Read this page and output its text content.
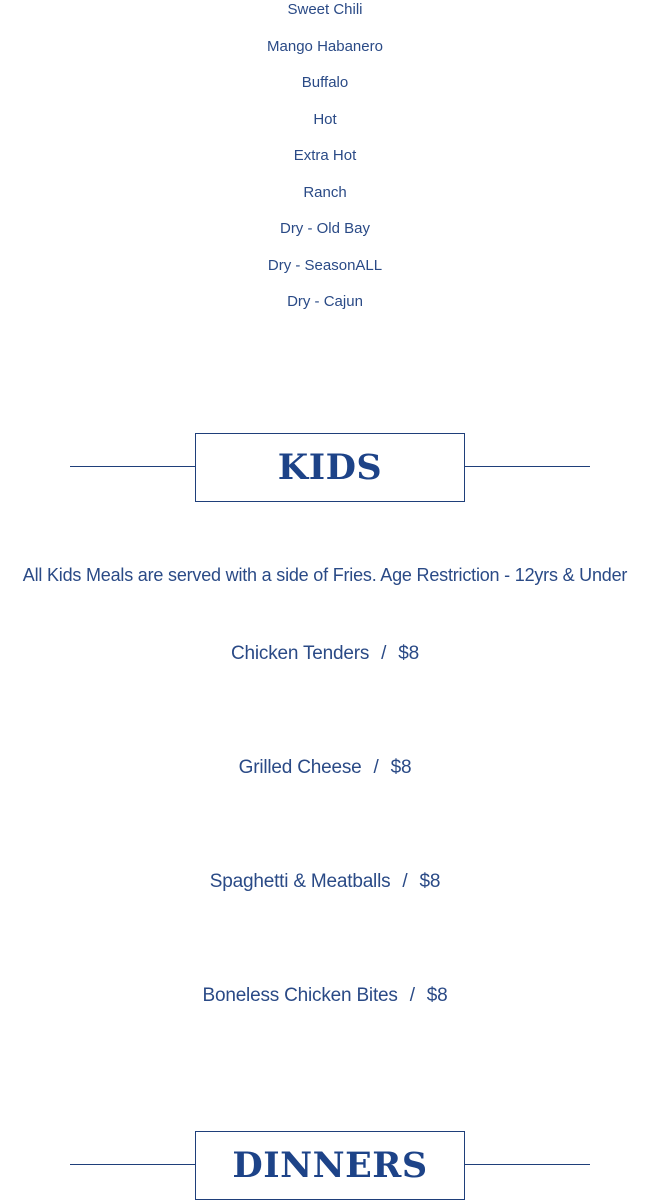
Sweet Chili
Mango Habanero
Buffalo
Hot
Extra Hot
Ranch
Dry - Old Bay
Dry - SeasonALL
Dry - Cajun
KIDS
All Kids Meals are served with a side of Fries. Age Restriction - 12yrs & Under
Chicken Tenders / $8
Grilled Cheese / $8
Spaghetti & Meatballs / $8
Boneless Chicken Bites / $8
DINNERS
